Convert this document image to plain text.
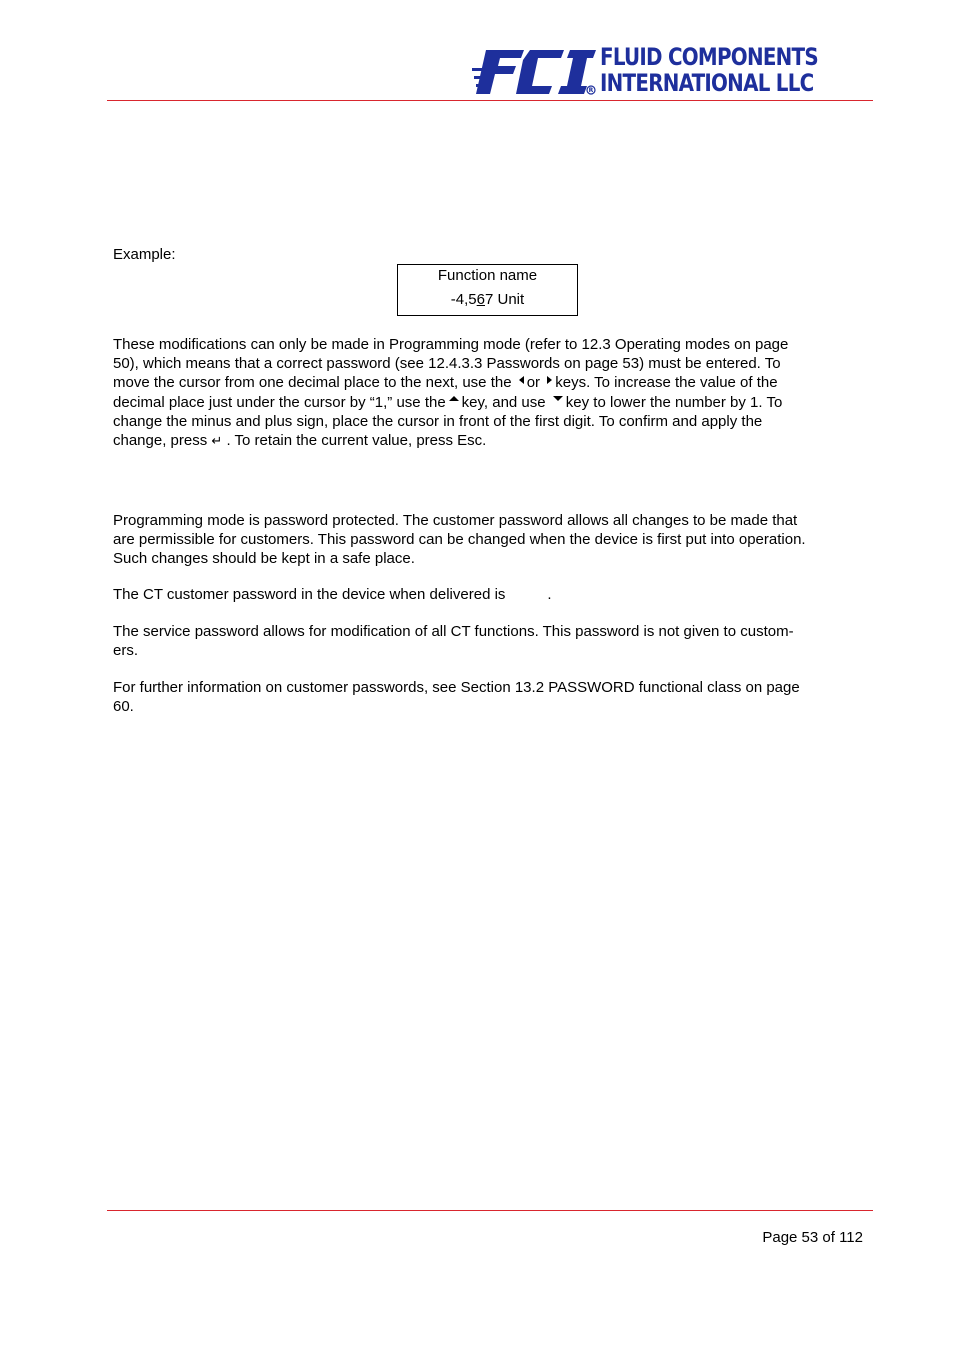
R
FLUID COMPONENTS
INTERNATIONAL LLC
Example:
Function name
-4,567 Unit
These modifications can only be made in Programming mode (refer to 12.3 Operating modes on page
50), which means that a correct password (see 12.4.3.3 Passwords on page 53) must be entered. To
move the cursor from one decimal place to the next, use the or keys. To increase the value of the
decimal place just under the cursor by “1,” use the key, and use key to lower the number by 1. To
change the minus and plus sign, place the cursor in front of the first digit. To confirm and apply the
change, press ↵ . To retain the current value, press Esc.
Programming mode is password protected. The customer password allows all changes to be made that
are permissible for customers. This password can be changed when the device is first put into operation.
Such changes should be kept in a safe place.
The CT customer password in the device when delivered is	.
The service password allows for modification of all CT functions. This password is not given to custom-
ers.
For further information on customer passwords, see Section 13.2 PASSWORD functional class on page
60.
Page 53 of 112
